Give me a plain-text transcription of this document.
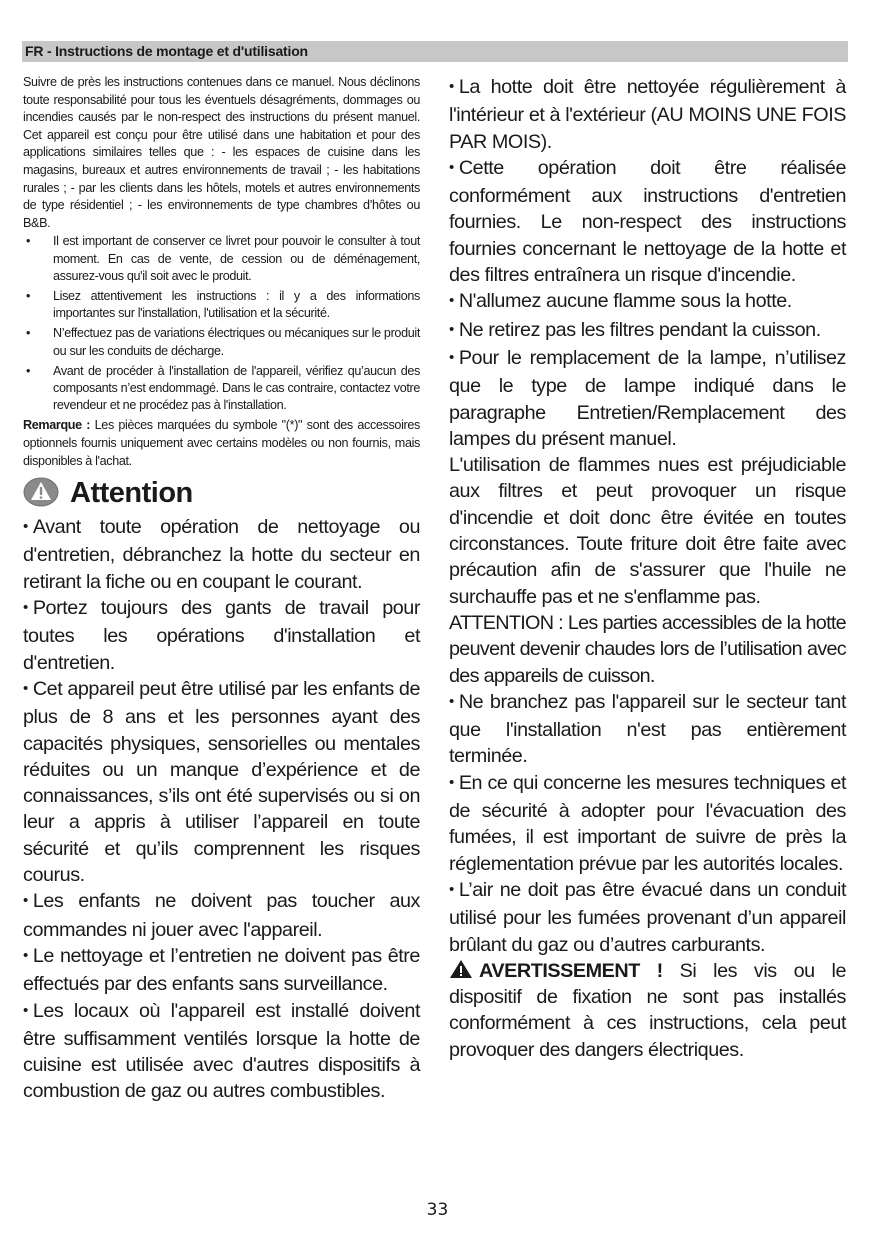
FR - Instructions de montage et d'utilisation

Suivre de près les instructions contenues dans ce manuel. Nous déclinons toute responsabilité pour tous les éventuels désagréments, dommages ou incendies causés par le non-respect des instructions du présent manuel. Cet appareil est conçu pour être utilisé dans une habitation et pour des applications similaires telles que : - les espaces de cuisine dans les magasins, bureaux et autres environnements de travail ; - les habitations rurales ; - par les clients dans les hôtels, motels et autres environnements de type résidentiel ; - les environnements de type chambres d’hôtes ou B&B.

• Il est important de conserver ce livret pour pouvoir le consulter à tout moment. En cas de vente, de cession ou de déménagement, assurez-vous qu'il soit avec le produit.
• Lisez attentivement les instructions : il y a des informations importantes sur l'installation, l'utilisation et la sécurité.
• N’effectuez pas de variations électriques ou mécaniques sur le produit ou sur les conduits de décharge.
• Avant de procéder à l'installation de l'appareil, vérifiez qu’aucun des composants n’est endommagé. Dans le cas contraire, contactez votre revendeur et ne procédez pas à l'installation.

Remarque : Les pièces marquées du symbole "(*)" sont des accessoires optionnels fournis uniquement avec certains modèles ou non fournis, mais disponibles à l'achat.

Attention

• Avant toute opération de nettoyage ou d'entretien, débranchez la hotte du secteur en retirant la fiche ou en coupant le courant.

• Portez toujours des gants de travail pour toutes les opérations d'installation et d'entretien.

• Cet appareil peut être utilisé par les enfants de plus de 8 ans et les personnes ayant des capacités physiques, sensorielles ou mentales réduites ou un manque d’expérience et de connaissances, s’ils ont été supervisés ou si on leur a appris à utiliser l’appareil en toute sécurité et qu’ils comprennent les risques courus.

• Les enfants ne doivent pas toucher aux commandes ni jouer avec l'appareil.

• Le nettoyage et l’entretien ne doivent pas être effectués par des enfants sans surveillance.

• Les locaux où l'appareil est installé doivent être suffisamment ventilés lorsque la hotte de cuisine est utilisée avec d'autres dispositifs à combustion de gaz ou autres combustibles.

• La hotte doit être nettoyée régulièrement à l'intérieur et à l'extérieur (AU MOINS UNE FOIS PAR MOIS).

• Cette opération doit être réalisée conformément aux instructions d'entretien fournies. Le non-respect des instructions fournies concernant le nettoyage de la hotte et des filtres entraînera un risque d'incendie.

• N'allumez aucune flamme sous la hotte.

• Ne retirez pas les filtres pendant la cuisson.

• Pour le remplacement de la lampe, n’utilisez que le type de lampe indiqué dans le paragraphe Entretien/Remplacement des lampes du présent manuel.

L'utilisation de flammes nues est préjudiciable aux filtres et peut provoquer un risque d'incendie et doit donc être évitée en toutes circonstances. Toute friture doit être faite avec précaution afin de s'assurer que l'huile ne surchauffe pas et ne s'enflamme pas.

ATTENTION : Les parties accessibles de la hotte peuvent devenir chaudes lors de l’utilisation avec des appareils de cuisson.

• Ne branchez pas l'appareil sur le secteur tant que l'installation n'est pas entièrement terminée.

• En ce qui concerne les mesures techniques et de sécurité à adopter pour l'évacuation des fumées, il est important de suivre de près la réglementation prévue par les autorités locales.

• L’air ne doit pas être évacué dans un conduit utilisé pour les fumées provenant d’un appareil brûlant du gaz ou d’autres carburants.

AVERTISSEMENT ! Si les vis ou le dispositif de fixation ne sont pas installés conformément à ces instructions, cela peut provoquer des dangers électriques.

33
